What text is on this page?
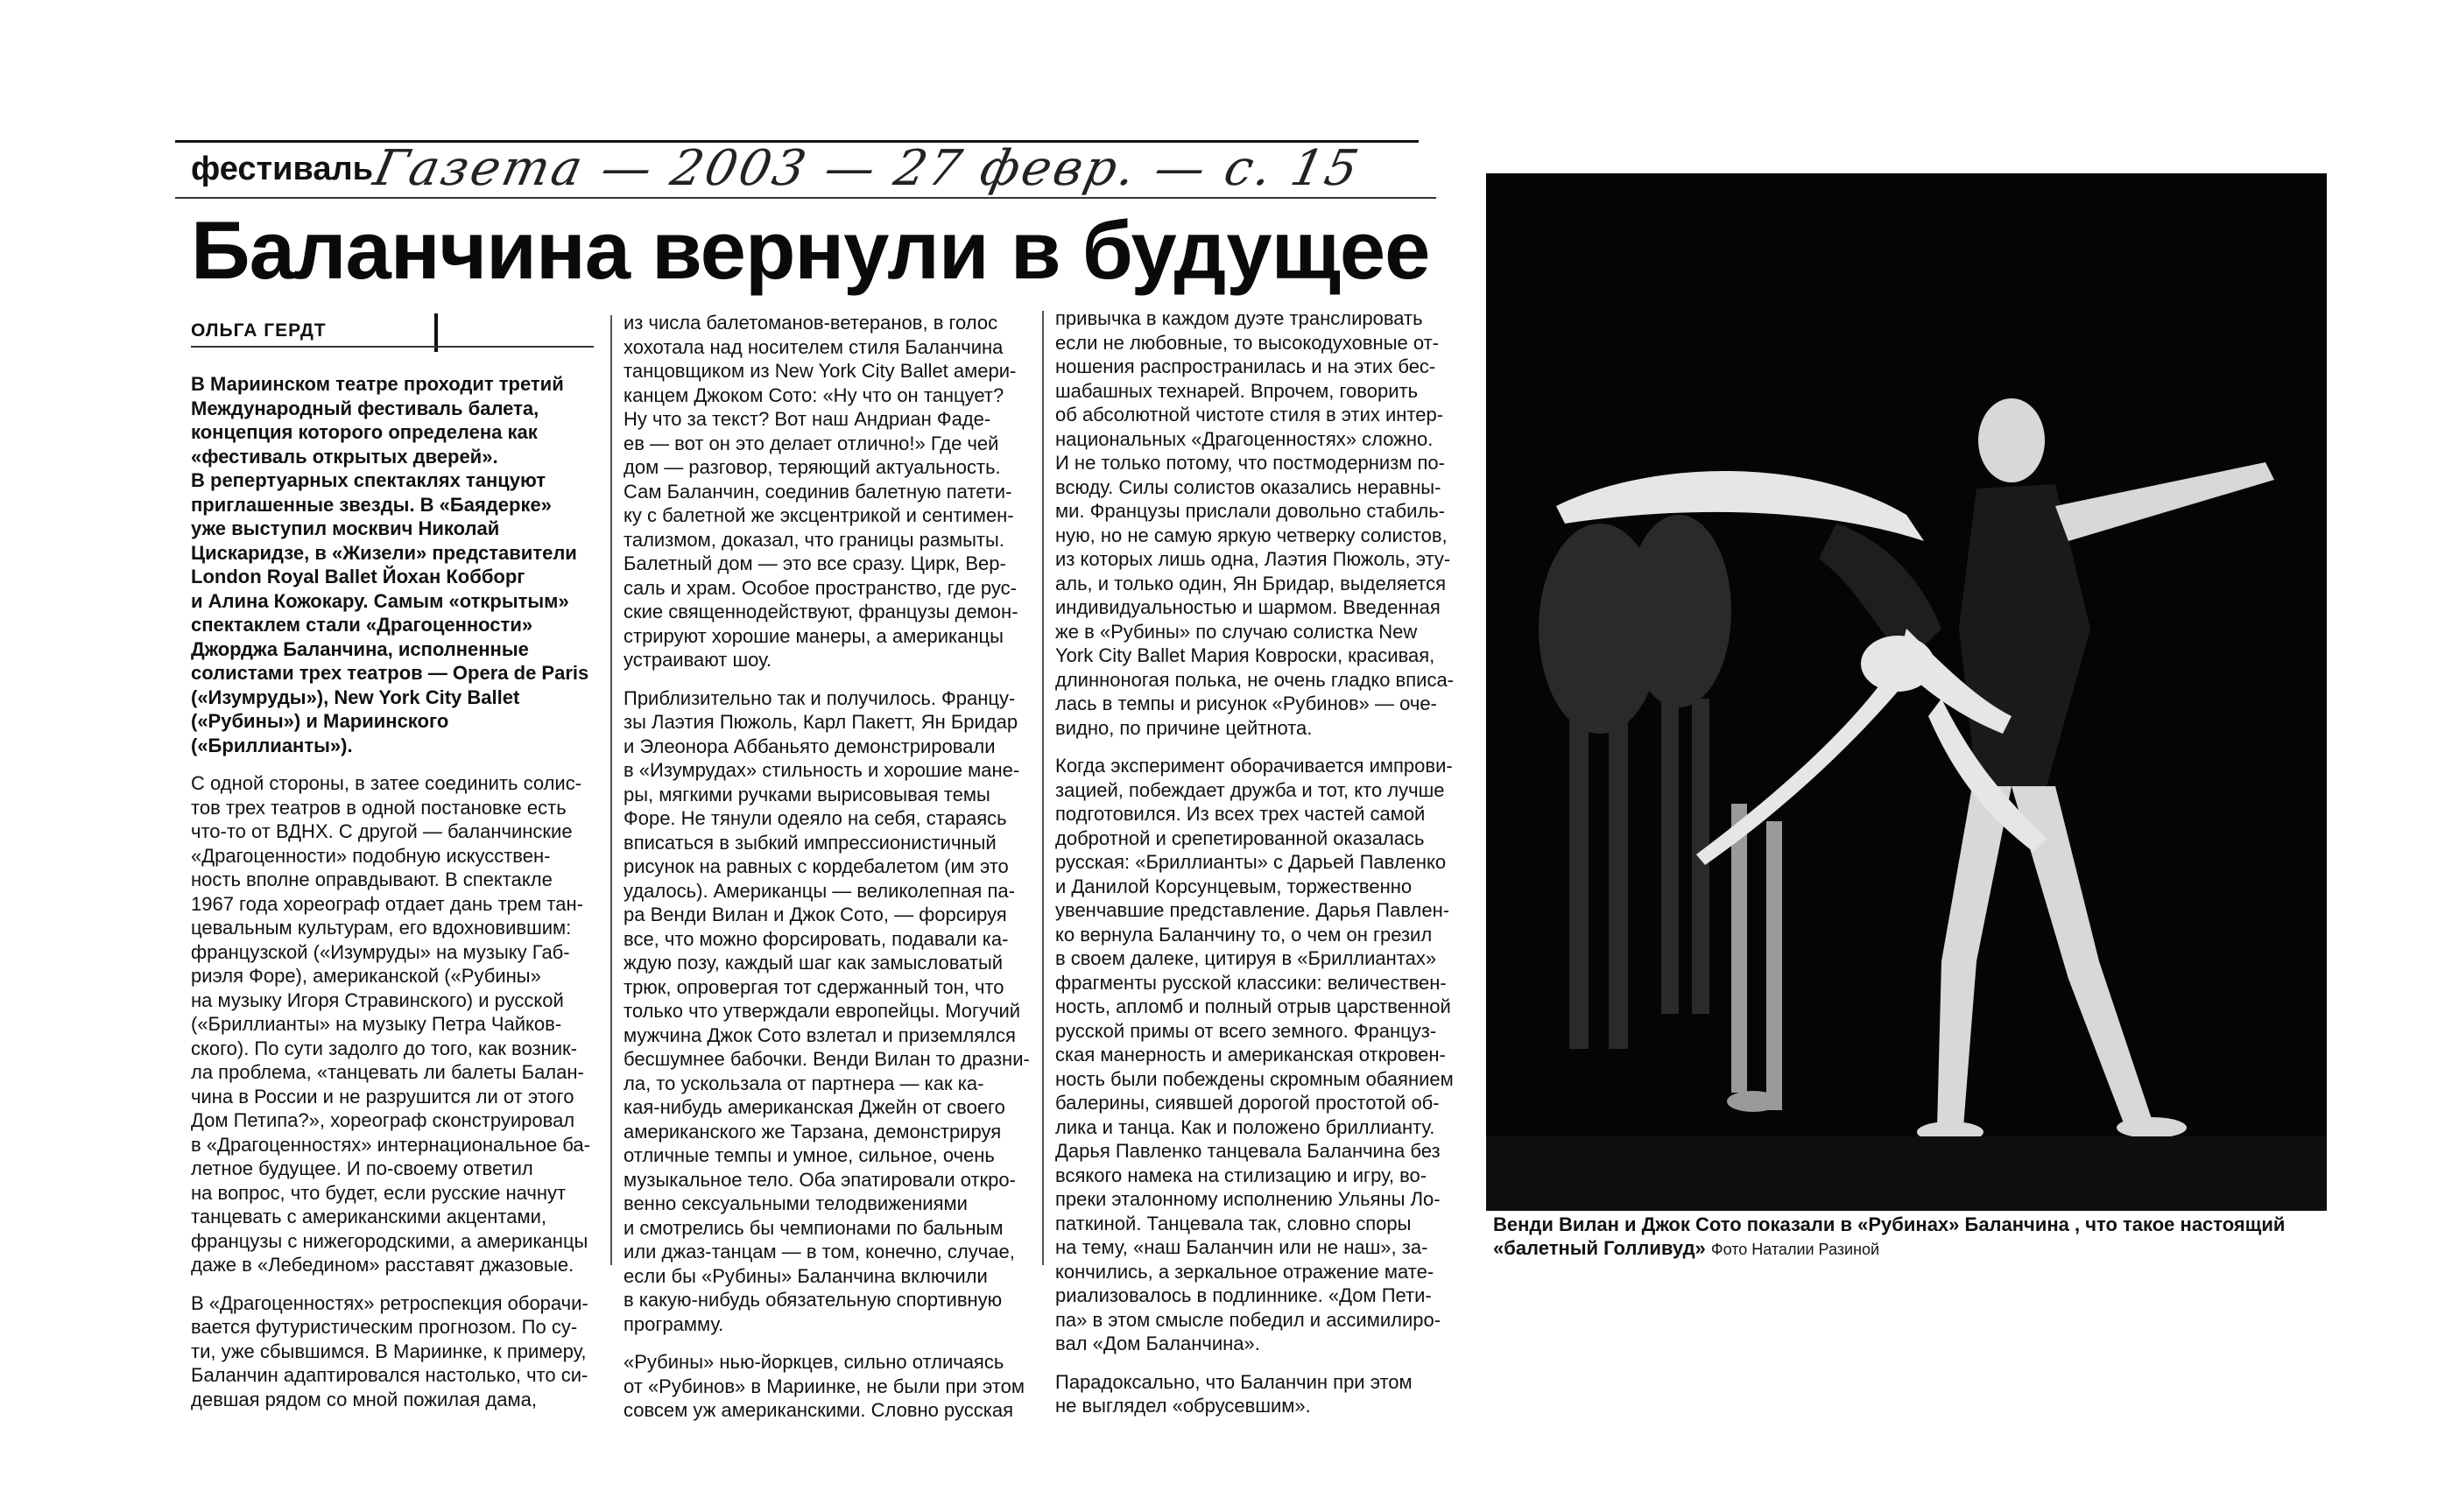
фестиваль
Газета — 2003 — 27 февр. — с. 15
Баланчина вернули в будущее
ОЛЬГА ГЕРДТ

В Мариинском театре проходит третий
Международный фестиваль балета,
концепция которого определена как
«фестиваль открытых дверей».
В репертуарных спектаклях танцуют
приглашенные звезды. В «Баядерке»
уже выступил москвич Николай
Цискаридзе, в «Жизели» представители
London Royal Ballet Йохан Кобборг
и Алина Кожокару. Самым «открытым»
спектаклем стали «Драгоценности»
Джорджа Баланчина, исполненные
солистами трех театров — Opera de Paris
(«Изумруды»), New York City Ballet
(«Рубины») и Мариинского
(«Бриллианты»).

С одной стороны, в затее соединить солис-
тов трех театров в одной постановке есть
что-то от ВДНХ. С другой — баланчинские
«Драгоценности» подобную искусствен-
ность вполне оправдывают. В спектакле
1967 года хореограф отдает дань трем тан-
цевальным культурам, его вдохновившим:
французской («Изумруды» на музыку Габ-
риэля Форе), американской («Рубины»
на музыку Игоря Стравинского) и русской
(«Бриллианты» на музыку Петра Чайков-
ского). По сути задолго до того, как возник-
ла проблема, «танцевать ли балеты Балан-
чина в России и не разрушится ли от этого
Дом Петипа?», хореограф сконструировал
в «Драгоценностях» интернациональное ба-
летное будущее. И по-своему ответил
на вопрос, что будет, если русские начнут
танцевать с американскими акцентами,
французы с нижегородскими, а американцы
даже в «Лебедином» расставят джазовые.

В «Драгоценностях» ретроспекция оборачи-
вается футуристическим прогнозом. По су-
ти, уже сбывшимся. В Мариинке, к примеру,
Баланчин адаптировался настолько, что си-
девшая рядом со мной пожилая дама,

из числа балетоманов-ветеранов, в голос
хохотала над носителем стиля Баланчина
танцовщиком из New York City Ballet амери-
канцем Джоком Сото: «Ну что он танцует?
Ну что за текст? Вот наш Андриан Фаде-
ев — вот он это делает отлично!» Где чей
дом — разговор, теряющий актуальность.
Сам Баланчин, соединив балетную патети-
ку с балетной же эксцентрикой и сентимен-
тализмом, доказал, что границы размыты.
Балетный дом — это все сразу. Цирк, Вер-
саль и храм. Особое пространство, где рус-
ские священнодействуют, французы демон-
стрируют хорошие манеры, а американцы
устраивают шоу.

Приблизительно так и получилось. Францу-
зы Лаэтия Пюжоль, Карл Пакетт, Ян Бридар
и Элеонора Аббаньято демонстрировали
в «Изумрудах» стильность и хорошие мане-
ры, мягкими ручками вырисовывая темы
Форе. Не тянули одеяло на себя, стараясь
вписаться в зыбкий импрессионистичный
рисунок на равных с кордебалетом (им это
удалось). Американцы — великолепная па-
ра Венди Вилан и Джок Сото, — форсируя
все, что можно форсировать, подавали ка-
ждую позу, каждый шаг как замысловатый
трюк, опровергая тот сдержанный тон, что
только что утверждали европейцы. Могучий
мужчина Джок Сото взлетал и приземлялся
бесшумнее бабочки. Венди Вилан то дразни-
ла, то ускользала от партнера — как ка-
кая-нибудь американская Джейн от своего
американского же Тарзана, демонстрируя
отличные темпы и умное, сильное, очень
музыкальное тело. Оба эпатировали откро-
венно сексуальными телодвижениями
и смотрелись бы чемпионами по бальным
или джаз-танцам — в том, конечно, случае,
если бы «Рубины» Баланчина включили
в какую-нибудь обязательную спортивную
программу.

«Рубины» нью-йоркцев, сильно отличаясь
от «Рубинов» в Мариинке, не были при этом
совсем уж американскими. Словно русская

привычка в каждом дуэте транслировать
если не любовные, то высокодуховные от-
ношения распространилась и на этих бес-
шабашных технарей. Впрочем, говорить
об абсолютной чистоте стиля в этих интер-
национальных «Драгоценностях» сложно.
И не только потому, что постмодернизм по-
всюду. Силы солистов оказались неравны-
ми. Французы прислали довольно стабиль-
ную, но не самую яркую четверку солистов,
из которых лишь одна, Лаэтия Пюжоль, эту-
аль, и только один, Ян Бридар, выделяется
индивидуальностью и шармом. Введенная
же в «Рубины» по случаю солистка New
York City Ballet Мария Ковроски, красивая,
длинноногая полька, не очень гладко вписа-
лась в темпы и рисунок «Рубинов» — оче-
видно, по причине цейтнота.

Когда эксперимент оборачивается импрови-
зацией, побеждает дружба и тот, кто лучше
подготовился. Из всех трех частей самой
добротной и срепетированной оказалась
русская: «Бриллианты» с Дарьей Павленко
и Данилой Корсунцевым, торжественно
увенчавшие представление. Дарья Павлен-
ко вернула Баланчину то, о чем он грезил
в своем далеке, цитируя в «Бриллиантах»
фрагменты русской классики: величествен-
ность, апломб и полный отрыв царственной
русской примы от всего земного. Француз-
ская манерность и американская откровен-
ность были побеждены скромным обаянием
балерины, сиявшей дорогой простотой об-
лика и танца. Как и положено бриллианту.
Дарья Павленко танцевала Баланчина без
всякого намека на стилизацию и игру, во-
преки эталонному исполнению Ульяны Ло-
паткиной. Танцевала так, словно споры
на тему, «наш Баланчин или не наш», за-
кончились, а зеркальное отражение мате-
риализовалось в подлиннике. «Дом Пети-
па» в этом смысле победил и ассимилиро-
вал «Дом Баланчина».

Парадоксально, что Баланчин при этом
не выглядел «обрусевшим».

Венди Вилан и Джок Сото показали в «Рубинах» Баланчина , что такое настоящий «балетный Голливуд» Фото Наталии Разиной
